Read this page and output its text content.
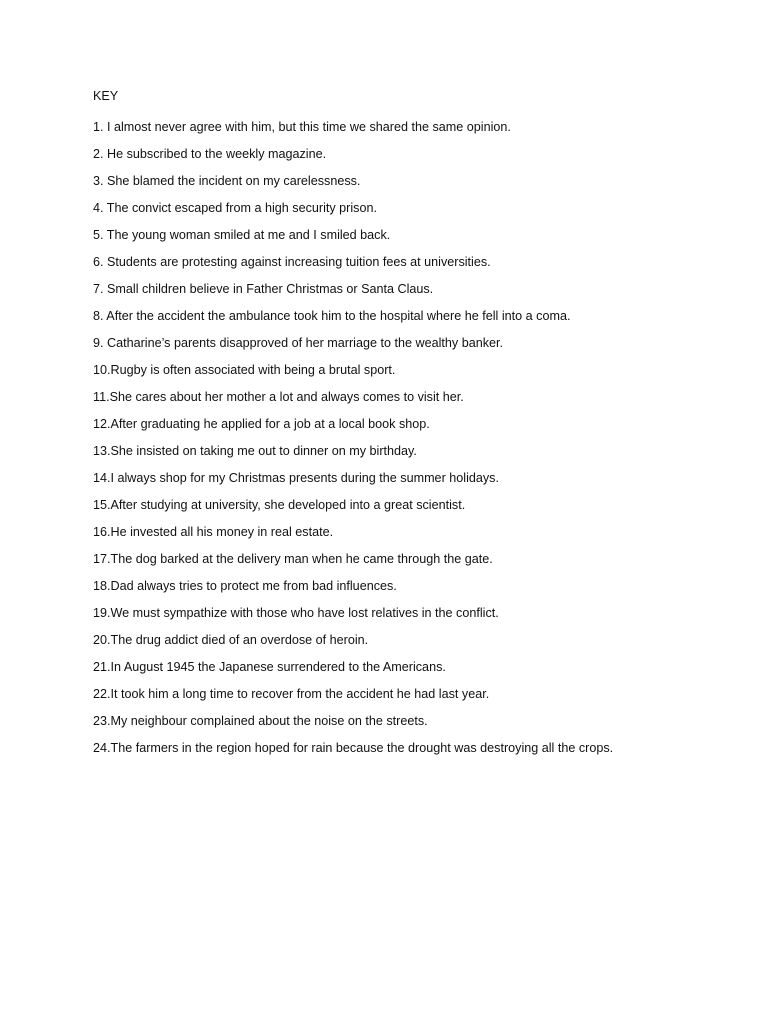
KEY

1. I almost never agree with him, but this time we shared the same opinion.

2. He subscribed to the weekly magazine.

3. She blamed the incident on my carelessness.

4. The convict escaped from a high security prison.

5. The young woman smiled at me and I smiled back.

6. Students are protesting against increasing tuition fees at universities.

7. Small children believe in Father Christmas or Santa Claus.

8. After the accident the ambulance took him to the hospital where he fell into a coma.

9. Catharine’s parents disapproved of her marriage to the wealthy banker.

10.Rugby is often associated with being a brutal sport.

11.She cares about her mother a lot and always comes to visit her.

12.After graduating he applied for a job at a local book shop.

13.She insisted on taking me out to dinner on my birthday.

14.I always shop for my Christmas presents during the summer holidays.

15.After studying at university, she developed into a great scientist.

16.He invested all his money in real estate.

17.The dog barked at the delivery man when he came through the gate.

18.Dad always tries to protect me from bad influences.

19.We must sympathize with those who have lost relatives in the conflict.

20.The drug addict died of an overdose of heroin.

21.In August 1945 the Japanese surrendered to the Americans.

22.It took him a long time to recover from the accident he had last year.

23.My neighbour complained about the noise on the streets.

24.The farmers in the region hoped for rain because the drought was destroying all the crops.
